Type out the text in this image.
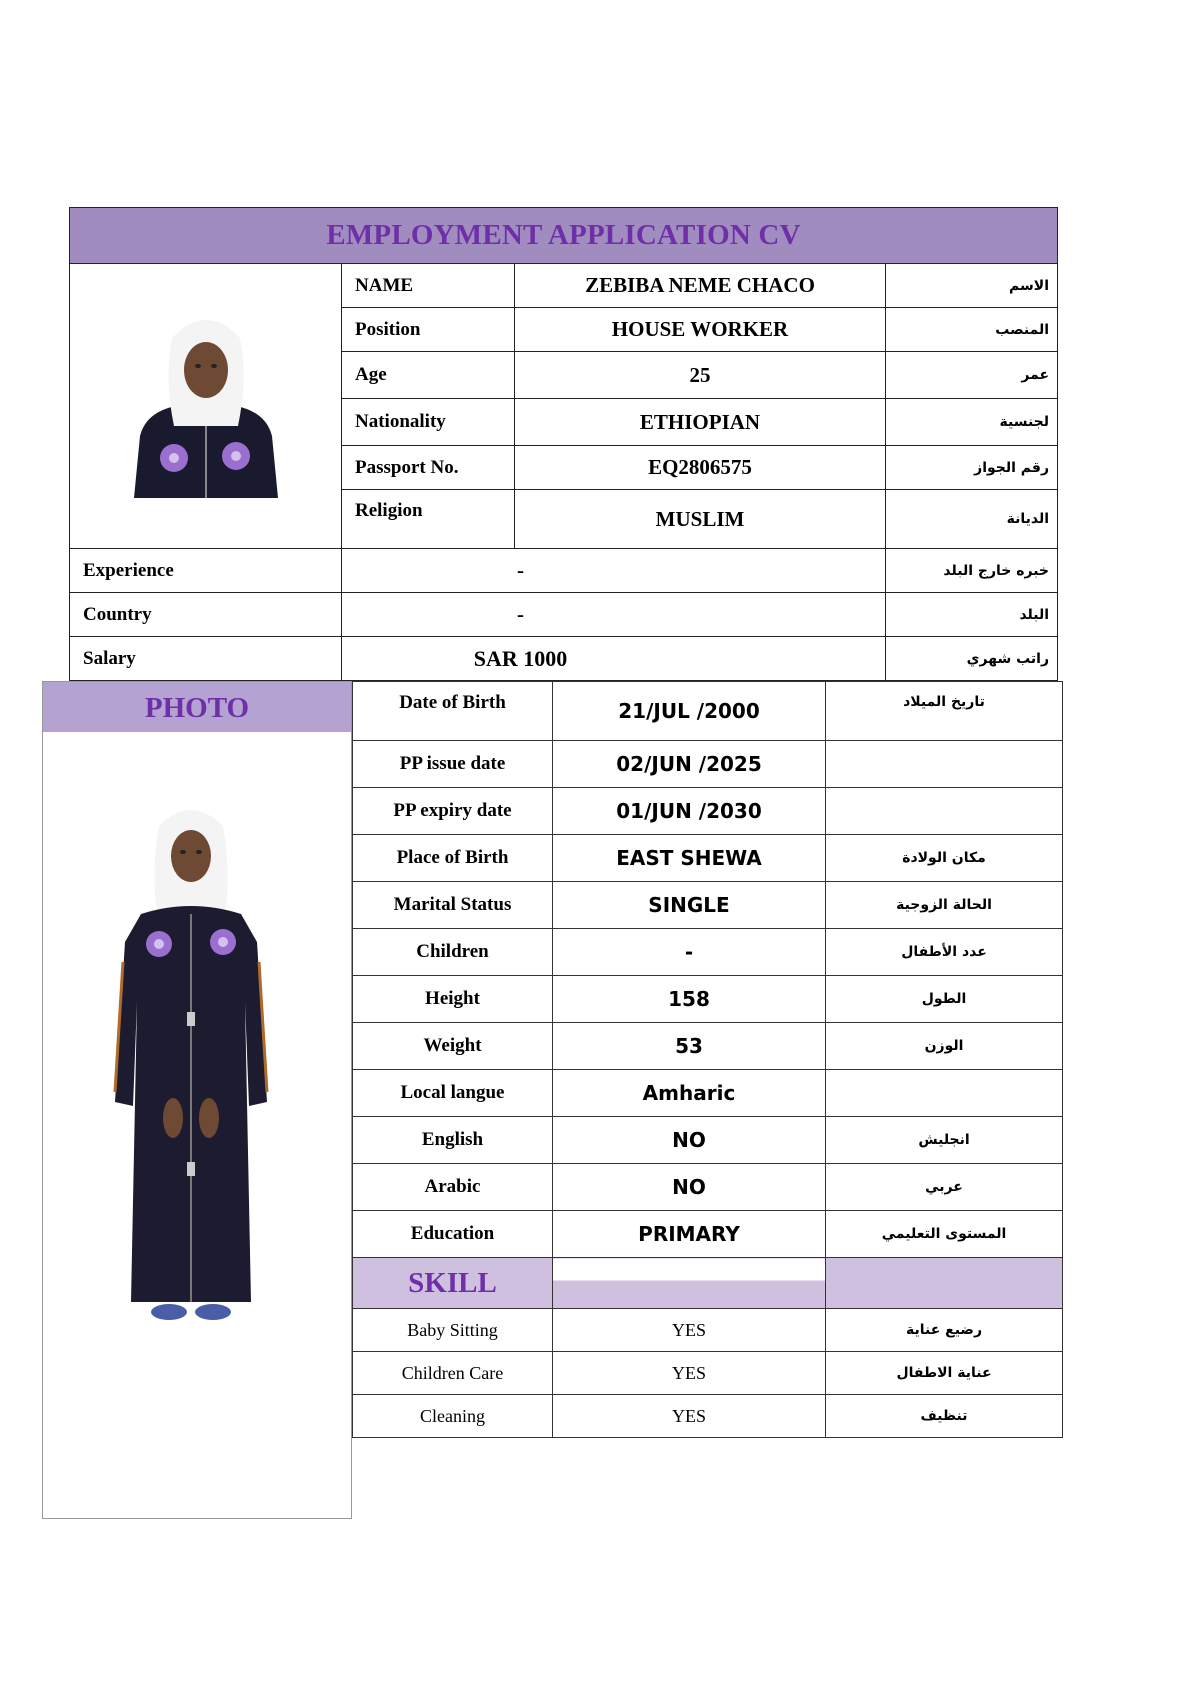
EMPLOYMENT APPLICATION CV			
	NAME	ZEBIBA NEME CHACO	الاسم
	Position	HOUSE WORKER	المنصب
	Age	25	عمر
	Nationality	ETHIOPIAN	لجنسية
	Passport No.	EQ2806575	رقم الجواز
	Religion	MUSLIM	الديانة
Experience	-		خبره خارج البلد
Country	-		البلد
Salary	SAR 1000		راتب شهري
PHOTO	Date of Birth	21/JUL /2000	تاريخ الميلاد
PP issue date	02/JUN /2025	
PP expiry date	01/JUN /2030	
Place of Birth	EAST SHEWA	مكان الولادة
Marital Status	SINGLE	الحالة الزوجية
Children	-	عدد الأطفال
Height	158	الطول
Weight	53	الوزن
Local langue	Amharic	
English	NO	انجليش
Arabic	NO	عربي
Education	PRIMARY	المستوى التعليمي
SKILL		
Baby Sitting	YES	رضيع عناية
Children Care	YES	عناية الاطفال
Cleaning	YES	تنظيف
